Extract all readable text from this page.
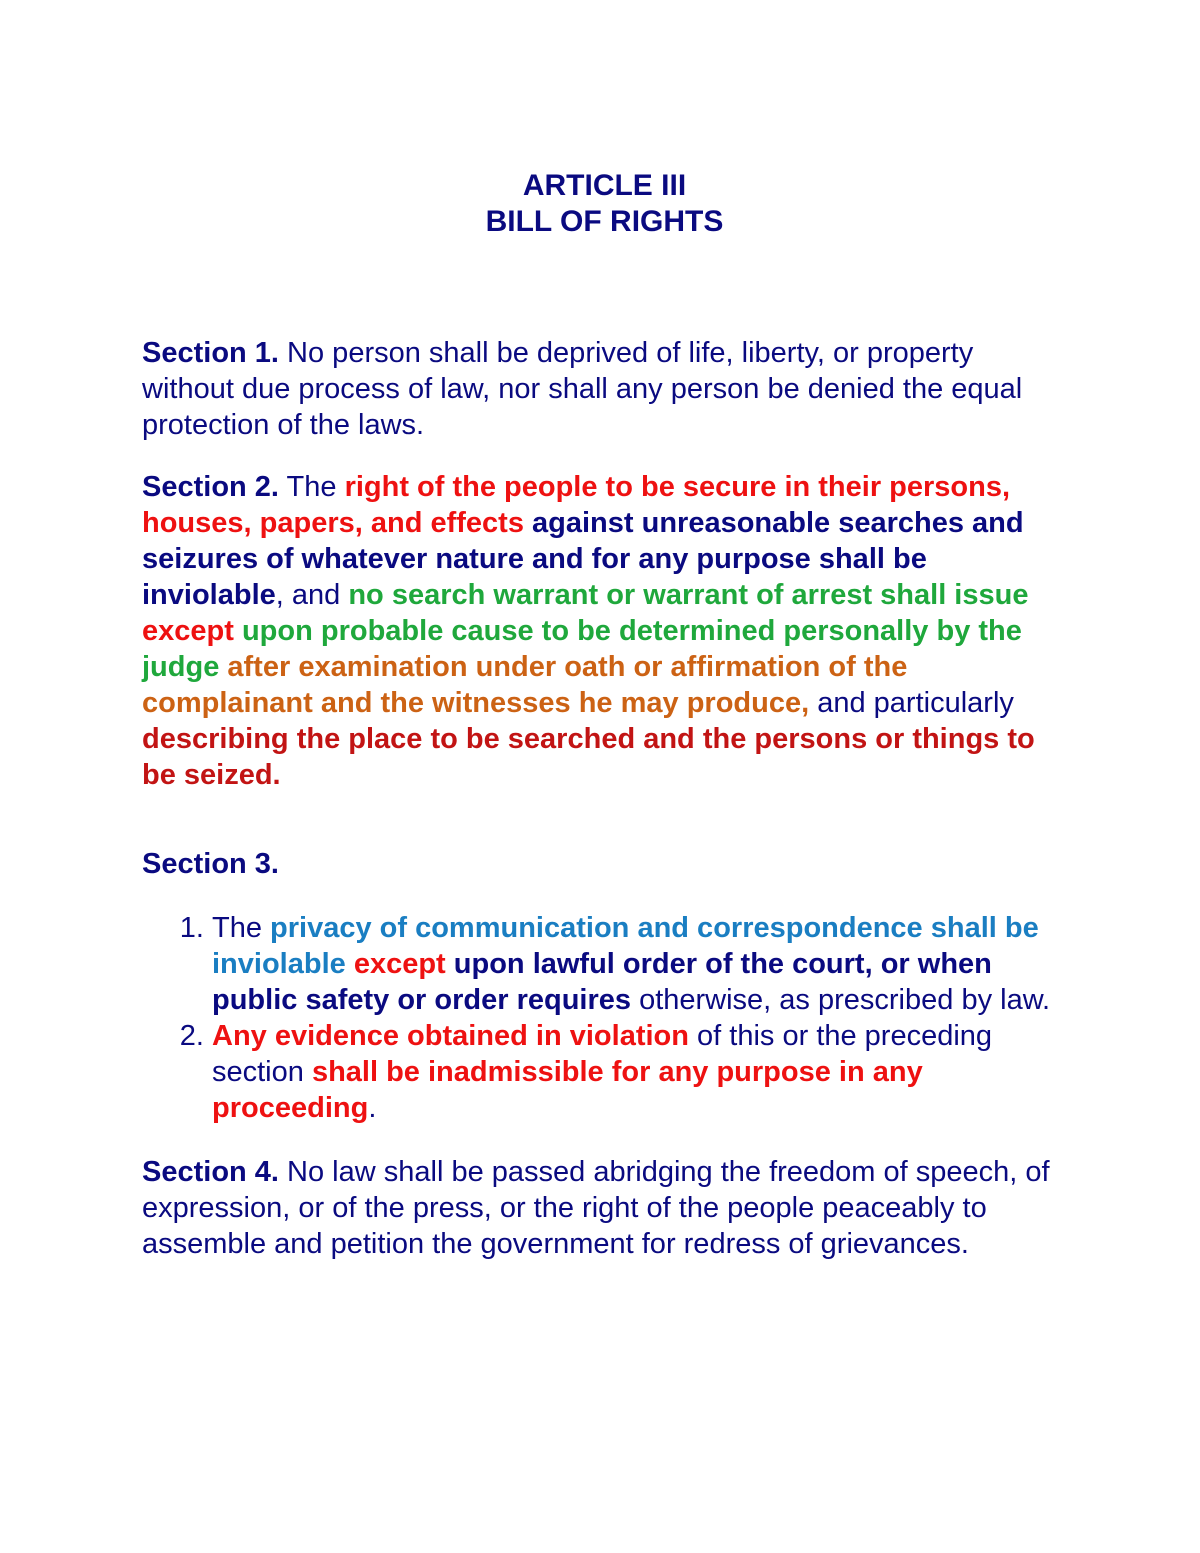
ARTICLE III
BILL OF RIGHTS

Section 1. No person shall be deprived of life, liberty, or property without due process of law, nor shall any person be denied the equal protection of the laws.

Section 2. The right of the people to be secure in their persons, houses, papers, and effects against unreasonable searches and seizures of whatever nature and for any purpose shall be inviolable, and no search warrant or warrant of arrest shall issue except upon probable cause to be determined personally by the judge after examination under oath or affirmation of the complainant and the witnesses he may produce, and particularly describing the place to be searched and the persons or things to be seized.

Section 3.

1. The privacy of communication and correspondence shall be inviolable except upon lawful order of the court, or when public safety or order requires otherwise, as prescribed by law.
2. Any evidence obtained in violation of this or the preceding section shall be inadmissible for any purpose in any proceeding.

Section 4. No law shall be passed abridging the freedom of speech, of expression, or of the press, or the right of the people peaceably to assemble and petition the government for redress of grievances.
